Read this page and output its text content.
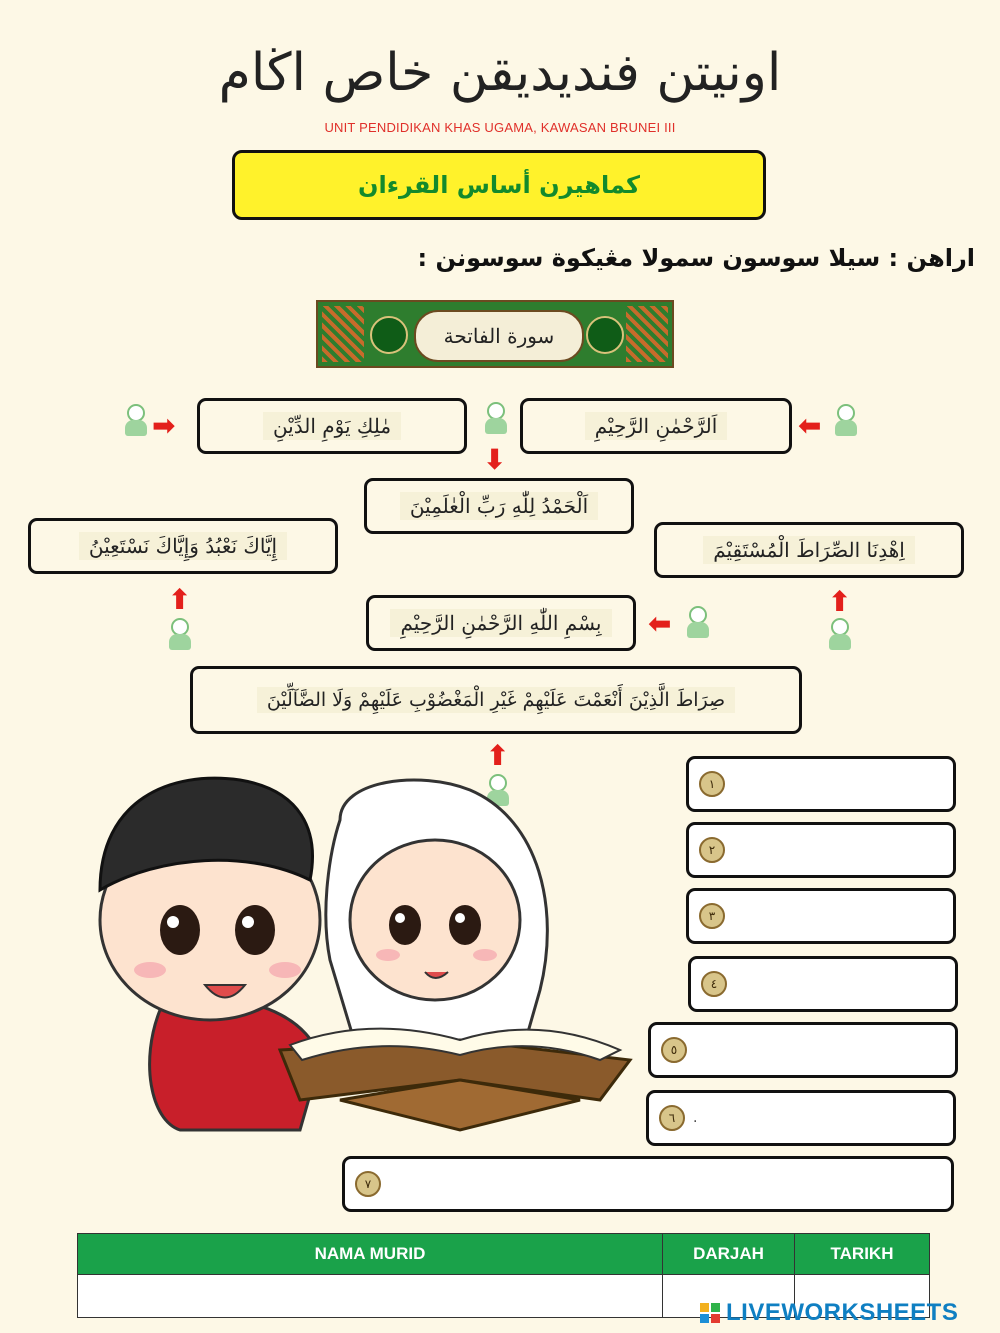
اونيتن فنديديقن خاص اڬام
UNIT PENDIDIKAN KHAS UGAMA, KAWASAN BRUNEI III
كماهيرن أساس القرءان
اراهن : سيلا سوسون سمولا مڠيكوة سوسونن :
سورة الفاتحة
مٰلِكِ يَوْمِ الدِّيْنِ	اَلرَّحْمٰنِ الرَّحِيْمِ
اَلْحَمْدُ لِلّٰهِ رَبِّ الْعٰلَمِيْنَ
إِيَّاكَ نَعْبُدُ وَإِيَّاكَ نَسْتَعِيْنُ	اِهْدِنَا الصِّرَاطَ الْمُسْتَقِيْمَ
بِسْمِ اللّٰهِ الرَّحْمٰنِ الرَّحِيْمِ
صِرَاطَ الَّذِيْنَ أَنْعَمْتَ عَلَيْهِمْ غَيْرِ الْمَغْضُوْبِ عَلَيْهِمْ وَلَا الضَّآلِّيْنَ
➡	⬅
⬇
⬆	⬆
⬅
⬆
١
٢
٣
٤
٥
٦	.
٧
NAMA MURID	DARJAH	TARIKH

LIVEWORKSHEETS
